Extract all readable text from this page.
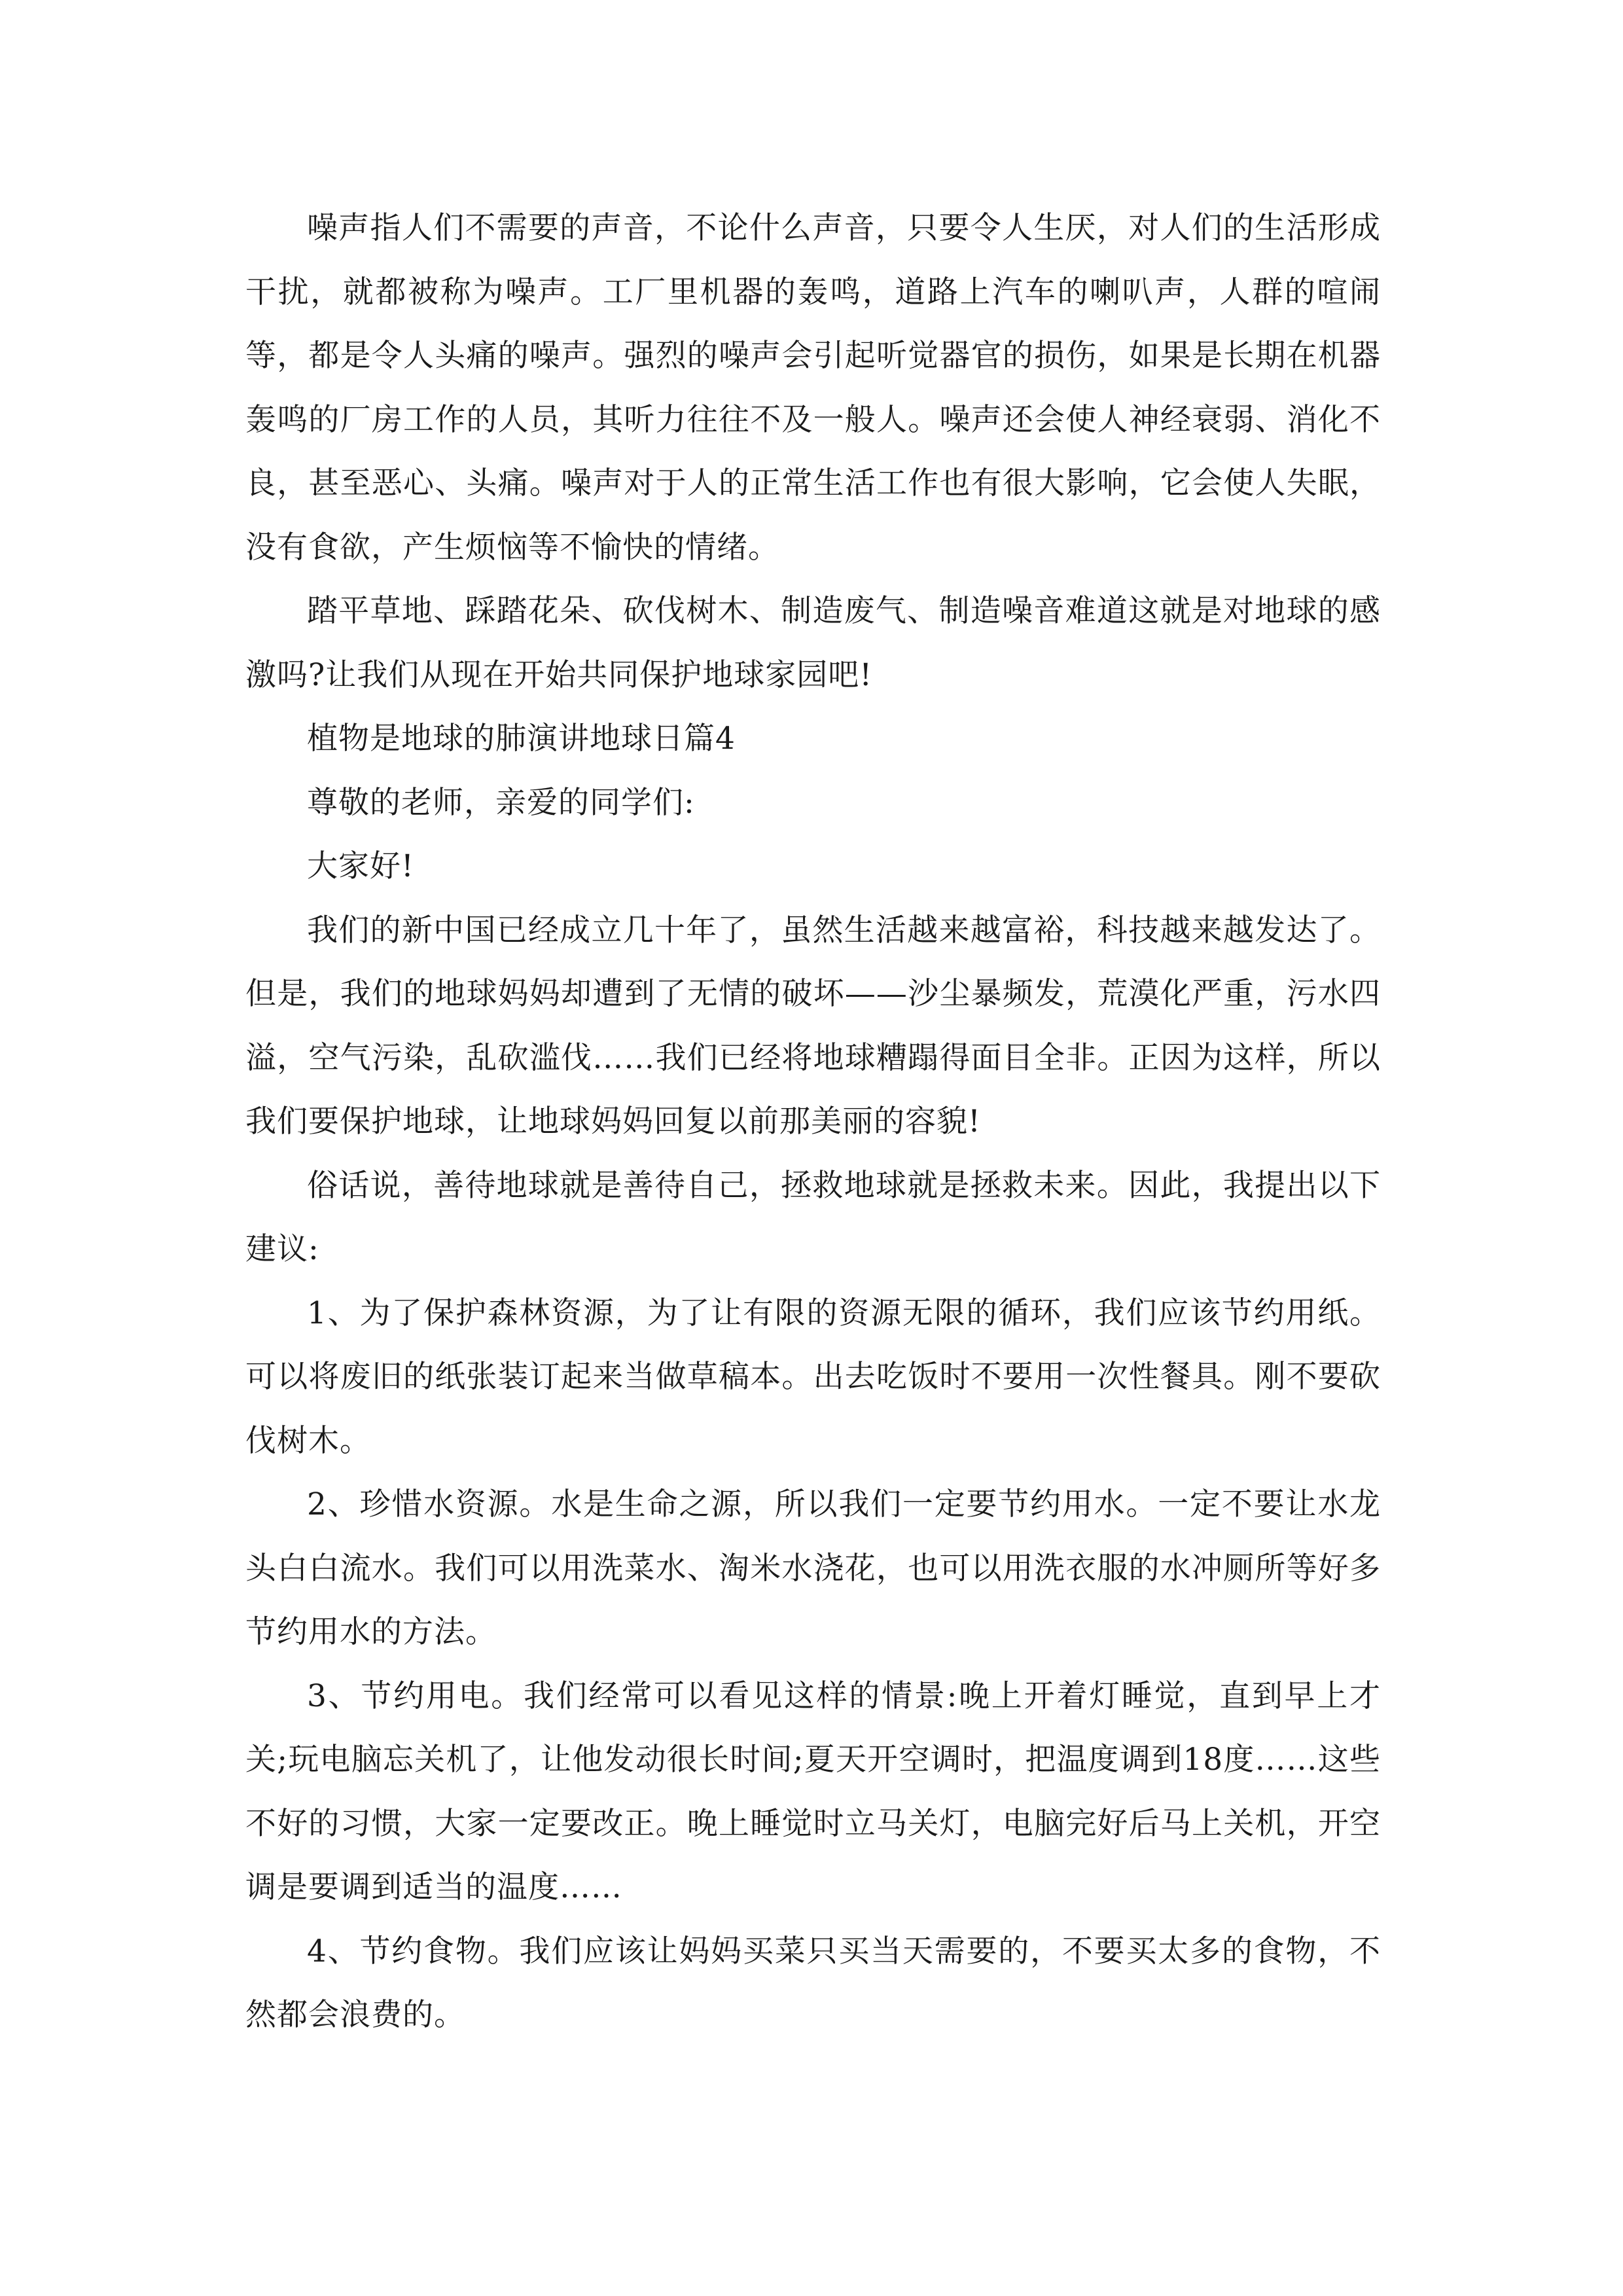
噪声指人们不需要的声音，不论什么声音，只要令人生厌，对人们的生活形成干扰，就都被称为噪声。工厂里机器的轰鸣，道路上汽车的喇叭声，人群的喧闹等，都是令人头痛的噪声。强烈的噪声会引起听觉器官的损伤，如果是长期在机器轰鸣的厂房工作的人员，其听力往往不及一般人。噪声还会使人神经衰弱、消化不良，甚至恶心、头痛。噪声对于人的正常生活工作也有很大影响，它会使人失眠，没有食欲，产生烦恼等不愉快的情绪。

踏平草地、踩踏花朵、砍伐树木、制造废气、制造噪音难道这就是对地球的感激吗?让我们从现在开始共同保护地球家园吧!

植物是地球的肺演讲地球日篇4

尊敬的老师，亲爱的同学们:

大家好!

我们的新中国已经成立几十年了，虽然生活越来越富裕，科技越来越发达了。但是，我们的地球妈妈却遭到了无情的破坏——沙尘暴频发，荒漠化严重，污水四溢，空气污染，乱砍滥伐……我们已经将地球糟蹋得面目全非。正因为这样，所以我们要保护地球，让地球妈妈回复以前那美丽的容貌!

俗话说，善待地球就是善待自己，拯救地球就是拯救未来。因此，我提出以下建议:

1、为了保护森林资源，为了让有限的资源无限的循环，我们应该节约用纸。可以将废旧的纸张装订起来当做草稿本。出去吃饭时不要用一次性餐具。刚不要砍伐树木。

2、珍惜水资源。水是生命之源，所以我们一定要节约用水。一定不要让水龙头白白流水。我们可以用洗菜水、淘米水浇花，也可以用洗衣服的水冲厕所等好多节约用水的方法。

3、节约用电。我们经常可以看见这样的情景:晚上开着灯睡觉，直到早上才关;玩电脑忘关机了，让他发动很长时间;夏天开空调时，把温度调到18度……这些不好的习惯，大家一定要改正。晚上睡觉时立马关灯，电脑完好后马上关机，开空调是要调到适当的温度……

4、节约食物。我们应该让妈妈买菜只买当天需要的，不要买太多的食物，不然都会浪费的。
